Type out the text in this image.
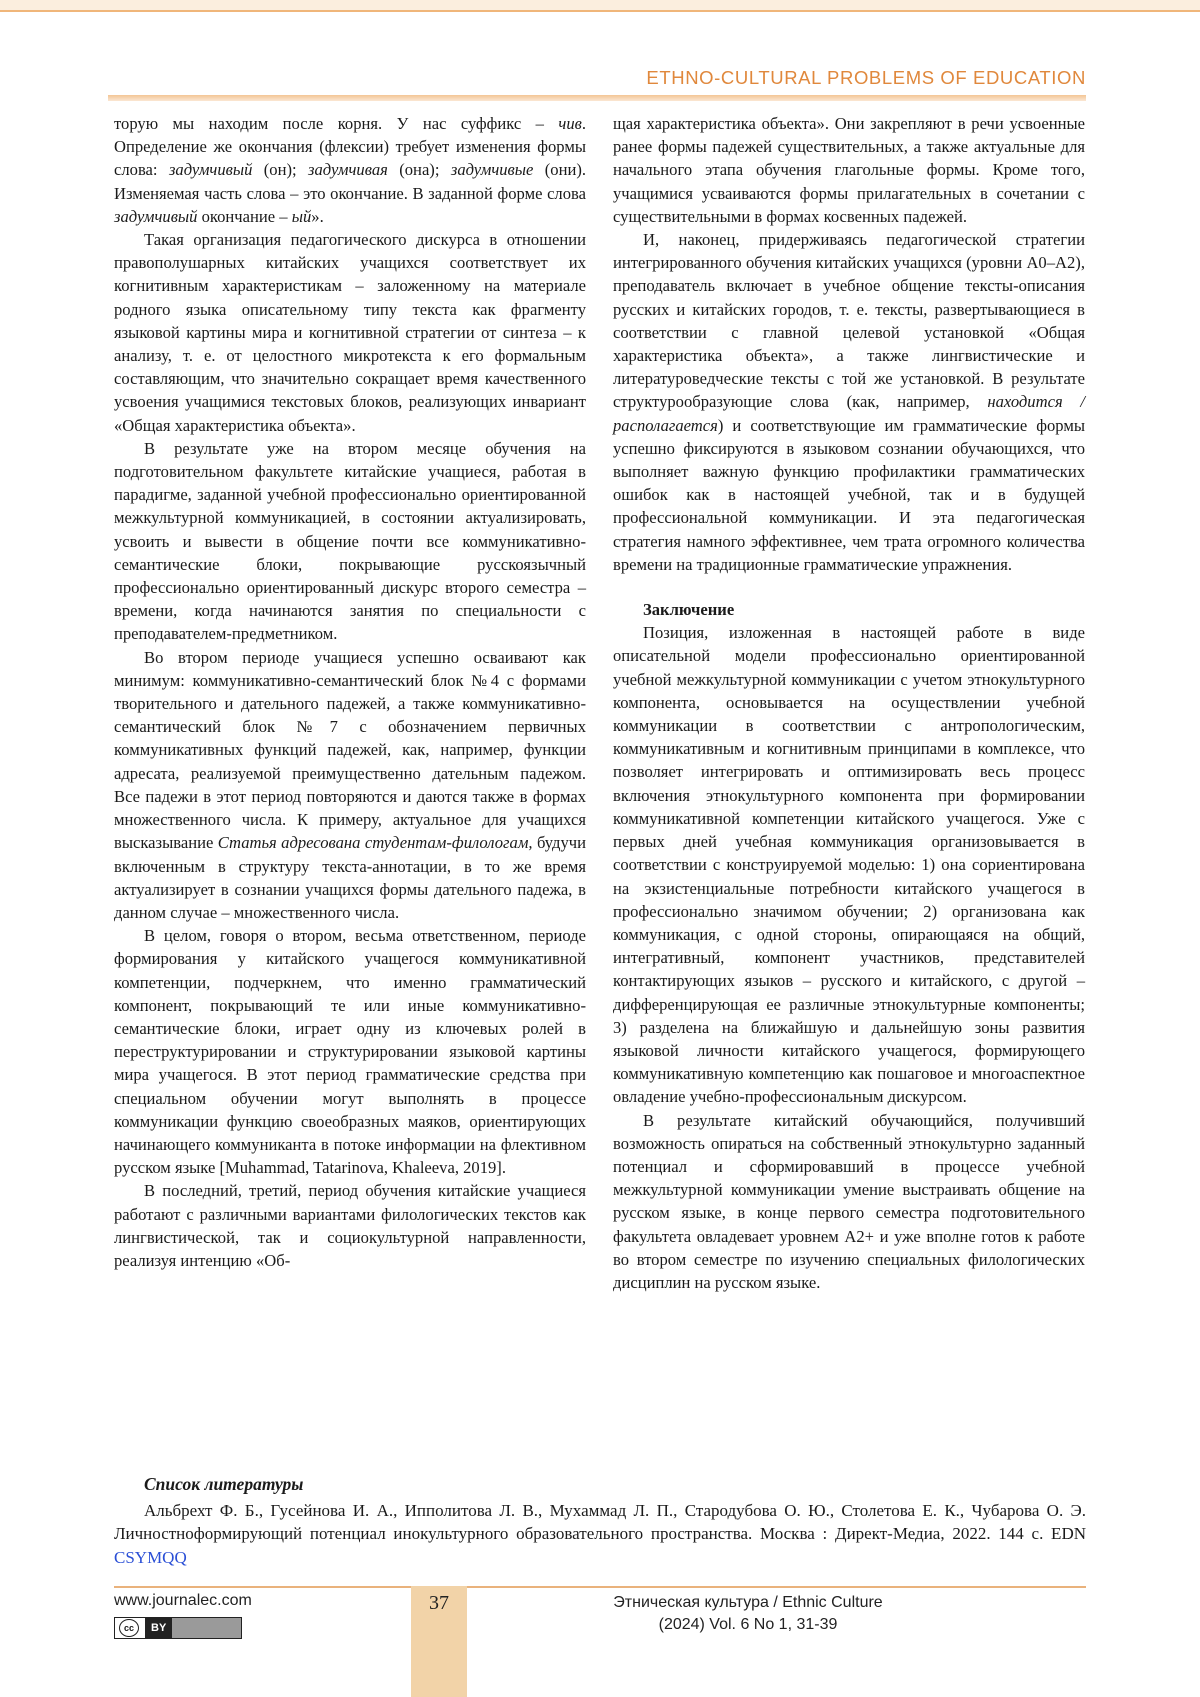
ETHNO-CULTURAL PROBLEMS OF EDUCATION

торую мы находим после корня. У нас суффикс – чив. Определение же окончания (флексии) требует изменения формы слова: задумчивый (он); задумчивая (она); задумчивые (они). Изменяемая часть слова – это окончание. В заданной форме слова задумчивый окончание – ый».

Такая организация педагогического дискурса в отношении правополушарных китайских учащихся соответствует их когнитивным характеристикам – заложенному на материале родного языка описательному типу текста как фрагменту языковой картины мира и когнитивной стратегии от синтеза – к анализу, т. е. от целостного микротекста к его формальным составляющим, что значительно сокращает время качественного усвоения учащимися текстовых блоков, реализующих инвариант «Общая характеристика объекта».

В результате уже на втором месяце обучения на подготовительном факультете китайские учащиеся, работая в парадигме, заданной учебной профессионально ориентированной межкультурной коммуникацией, в состоянии актуализировать, усвоить и вывести в общение почти все коммуникативно-семантические блоки, покрывающие русскоязычный профессионально ориентированный дискурс второго семестра – времени, когда начинаются занятия по специальности с преподавателем-предметником.

Во втором периоде учащиеся успешно осваивают как минимум: коммуникативно-семантический блок №4 с формами творительного и дательного падежей, а также коммуникативно-семантический блок №7 с обозначением первичных коммуникативных функций падежей, как, например, функции адресата, реализуемой преимущественно дательным падежом. Все падежи в этот период повторяются и даются также в формах множественного числа. К примеру, актуальное для учащихся высказывание Статья адресована студентам-филологам, будучи включенным в структуру текста-аннотации, в то же время актуализирует в сознании учащихся формы дательного падежа, в данном случае – множественного числа.

В целом, говоря о втором, весьма ответственном, периоде формирования у китайского учащегося коммуникативной компетенции, подчеркнем, что именно грамматический компонент, покрывающий те или иные коммуникативно-семантические блоки, играет одну из ключевых ролей в переструктурировании и структурировании языковой картины мира учащегося. В этот период грамматические средства при специальном обучении могут выполнять в процессе коммуникации функцию своеобразных маяков, ориентирующих начинающего коммуниканта в потоке информации на флективном русском языке [Muhammad, Tatarinova, Khaleeva, 2019].

В последний, третий, период обучения китайские учащиеся работают с различными вариантами филологических текстов как лингвистической, так и социокультурной направленности, реализуя интенцию «Об-

щая характеристика объекта». Они закрепляют в речи усвоенные ранее формы падежей существительных, а также актуальные для начального этапа обучения глагольные формы. Кроме того, учащимися усваиваются формы прилагательных в сочетании с существительными в формах косвенных падежей.

И, наконец, придерживаясь педагогической стратегии интегрированного обучения китайских учащихся (уровни А0–А2), преподаватель включает в учебное общение тексты-описания русских и китайских городов, т. е. тексты, развертывающиеся в соответствии с главной целевой установкой «Общая характеристика объекта», а также лингвистические и литературоведческие тексты с той же установкой. В результате структурообразующие слова (как, например, находится / располагается) и соответствующие им грамматические формы успешно фиксируются в языковом сознании обучающихся, что выполняет важную функцию профилактики грамматических ошибок как в настоящей учебной, так и в будущей профессиональной коммуникации. И эта педагогическая стратегия намного эффективнее, чем трата огромного количества времени на традиционные грамматические упражнения.

Заключение

Позиция, изложенная в настоящей работе в виде описательной модели профессионально ориентированной учебной межкультурной коммуникации с учетом этнокультурного компонента, основывается на осуществлении учебной коммуникации в соответствии с антропологическим, коммуникативным и когнитивным принципами в комплексе, что позволяет интегрировать и оптимизировать весь процесс включения этнокультурного компонента при формировании коммуникативной компетенции китайского учащегося. Уже с первых дней учебная коммуникация организовывается в соответствии с конструируемой моделью: 1) она сориентирована на экзистенциальные потребности китайского учащегося в профессионально значимом обучении; 2) организована как коммуникация, с одной стороны, опирающаяся на общий, интегративный, компонент участников, представителей контактирующих языков – русского и китайского, с другой – дифференцирующая ее различные этнокультурные компоненты; 3) разделена на ближайшую и дальнейшую зоны развития языковой личности китайского учащегося, формирующего коммуникативную компетенцию как пошаговое и многоаспектное овладение учебно-профессиональным дискурсом.

В результате китайский обучающийся, получивший возможность опираться на собственный этнокультурно заданный потенциал и сформировавший в процессе учебной межкультурной коммуникации умение выстраивать общение на русском языке, в конце первого семестра подготовительного факультета овладевает уровнем А2+ и уже вполне готов к работе во втором семестре по изучению специальных филологических дисциплин на русском языке.

Список литературы

Альбрехт Ф. Б., Гусейнова И. А., Ипполитова Л. В., Мухаммад Л. П., Стародубова О. Ю., Столетова Е. К., Чубарова О. Э. Личностноформирующий потенциал инокультурного образовательного пространства. Москва : Директ-Медиа, 2022. 144 с. EDN CSYMQQ

37
www.journalec.com
cc	BY
Этническая культура / Ethnic Culture
(2024) Vol. 6 No 1, 31-39
